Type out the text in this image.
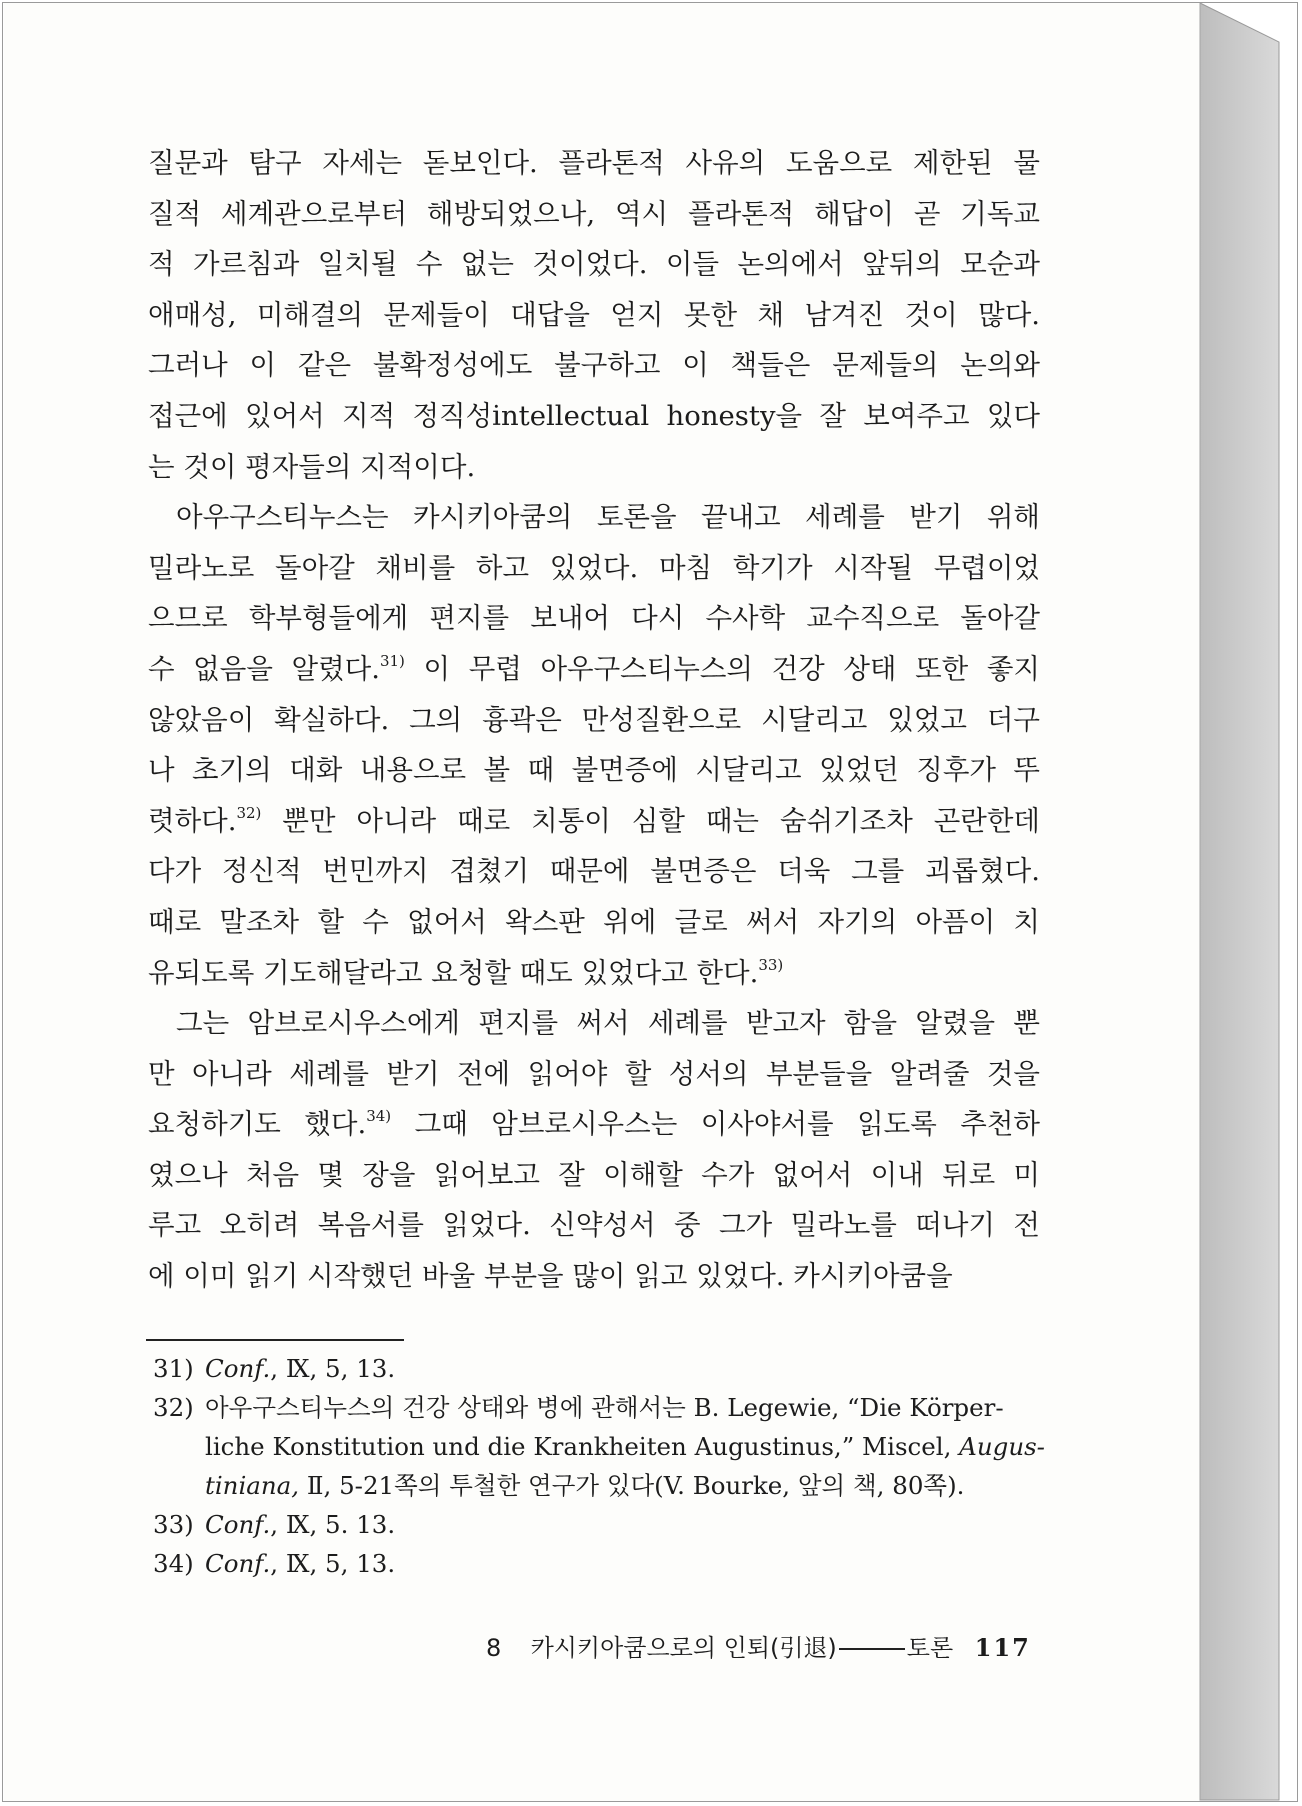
질문과 탐구 자세는 돋보인다. 플라톤적 사유의 도움으로 제한된 물
질적 세계관으로부터 해방되었으나, 역시 플라톤적 해답이 곧 기독교
적 가르침과 일치될 수 없는 것이었다. 이들 논의에서 앞뒤의 모순과
애매성, 미해결의 문제들이 대답을 얻지 못한 채 남겨진 것이 많다.
그러나 이 같은 불확정성에도 불구하고 이 책들은 문제들의 논의와
접근에 있어서 지적 정직성intellectual honesty을 잘 보여주고 있다
는 것이 평자들의 지적이다.
아우구스티누스는 카시키아쿰의 토론을 끝내고 세례를 받기 위해
밀라노로 돌아갈 채비를 하고 있었다. 마침 학기가 시작될 무렵이었
으므로 학부형들에게 편지를 보내어 다시 수사학 교수직으로 돌아갈
수 없음을 알렸다.$^{31)}$ 이 무렵 아우구스티누스의 건강 상태 또한 좋지
않았음이 확실하다. 그의 흉곽은 만성질환으로 시달리고 있었고 더구
나 초기의 대화 내용으로 볼 때 불면증에 시달리고 있었던 징후가 뚜
렷하다.$^{32)}$ 뿐만 아니라 때로 치통이 심할 때는 숨쉬기조차 곤란한데
다가 정신적 번민까지 겹쳤기 때문에 불면증은 더욱 그를 괴롭혔다.
때로 말조차 할 수 없어서 왁스판 위에 글로 써서 자기의 아픔이 치
유되도록 기도해달라고 요청할 때도 있었다고 한다.$^{33)}$
그는 암브로시우스에게 편지를 써서 세례를 받고자 함을 알렸을 뿐
만 아니라 세례를 받기 전에 읽어야 할 성서의 부분들을 알려줄 것을
요청하기도 했다.$^{34)}$ 그때 암브로시우스는 이사야서를 읽도록 추천하
였으나 처음 몇 장을 읽어보고 잘 이해할 수가 없어서 이내 뒤로 미
루고 오히려 복음서를 읽었다. 신약성서 중 그가 밀라노를 떠나기 전
에 이미 읽기 시작했던 바울 부분을 많이 읽고 있었다. 카시키아쿰을
31) Conf., Ⅸ, 5, 13.
32) 아우구스티누스의 건강 상태와 병에 관해서는 B. Legewie, “Die Körper-
liche Konstitution und die Krankheiten Augustinus,” Miscel, Augus-
tiniana, Ⅱ, 5-21쪽의 투철한 연구가 있다(V. Bourke, 앞의 책, 80쪽).
33) Conf., Ⅸ, 5. 13.
34) Conf., Ⅸ, 5, 13.
8 카시키아쿰으로의 인퇴(引退)	토론 117
